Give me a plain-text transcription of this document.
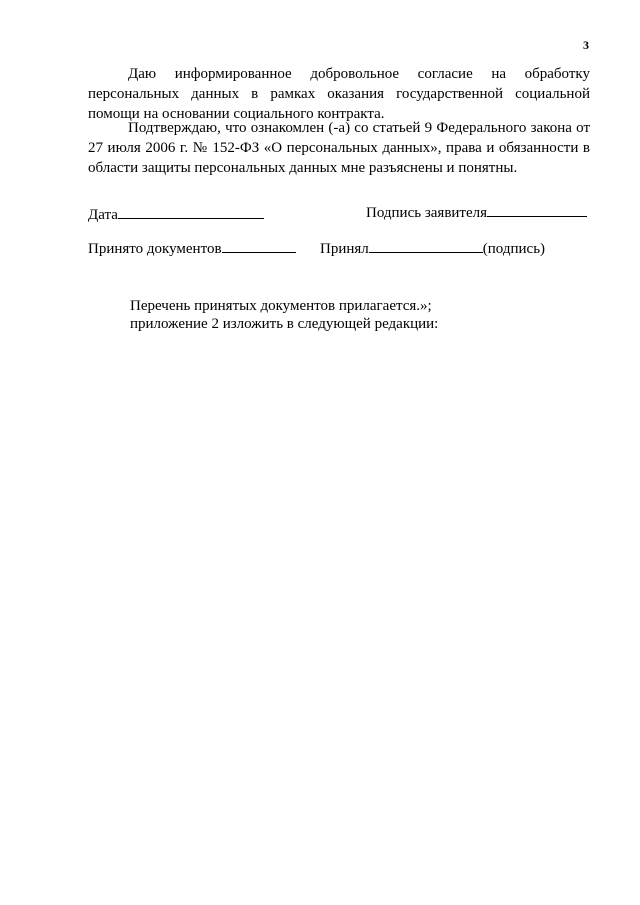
3

Даю информированное добровольное согласие на обработку персональных данных в рамках оказания государственной социальной помощи на основании социального контракта.

Подтверждаю, что ознакомлен (-а) со статьей 9 Федерального закона от 27 июля 2006 г. № 152-ФЗ «О персональных данных», права и обязанности в области защиты персональных данных мне разъяснены и понятны.

Дата	Подпись заявителя
Принято документов	Принял	(подпись)

Перечень принятых документов прилагается.»;

приложение 2 изложить в следующей редакции:
